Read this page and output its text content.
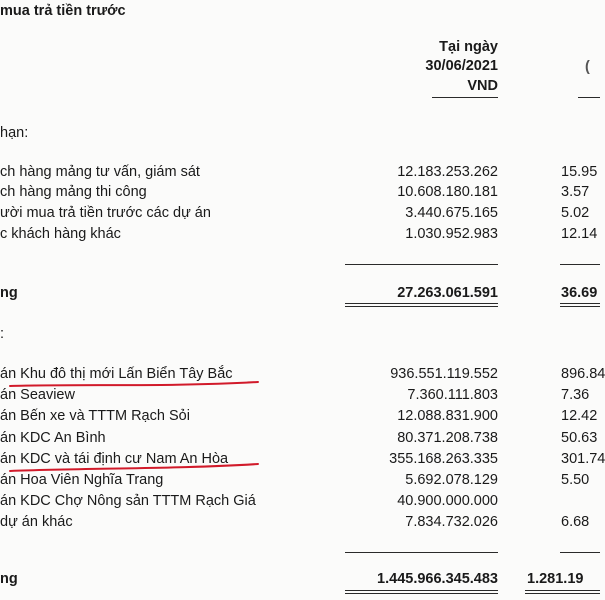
mua trả tiền trước
Tại ngày
30/06/2021
VND
(
hạn:
ch hàng mảng tư vấn, giám sát	12.183.253.262	15.95
ch hàng mảng thi công	10.608.180.181	3.57
ười mua trả tiền trước các dự án	3.440.675.165	5.02
c khách hàng khác	1.030.952.983	12.14
ng	27.263.061.591	36.69
:
án Khu đô thị mới Lấn Biển Tây Bắc	936.551.119.552	896.84
án Seaview	7.360.111.803	7.36
án Bến xe và TTTM Rạch Sỏi	12.088.831.900	12.42
án KDC An Bình	80.371.208.738	50.63
án KDC và tái định cư Nam An Hòa	355.168.263.335	301.74
án Hoa Viên Nghĩa Trang	5.692.078.129	5.50
án KDC Chợ Nông sản TTTM Rạch Giá	40.900.000.000
dự án khác	7.834.732.026	6.68
ng	1.445.966.345.483 1.281.19
